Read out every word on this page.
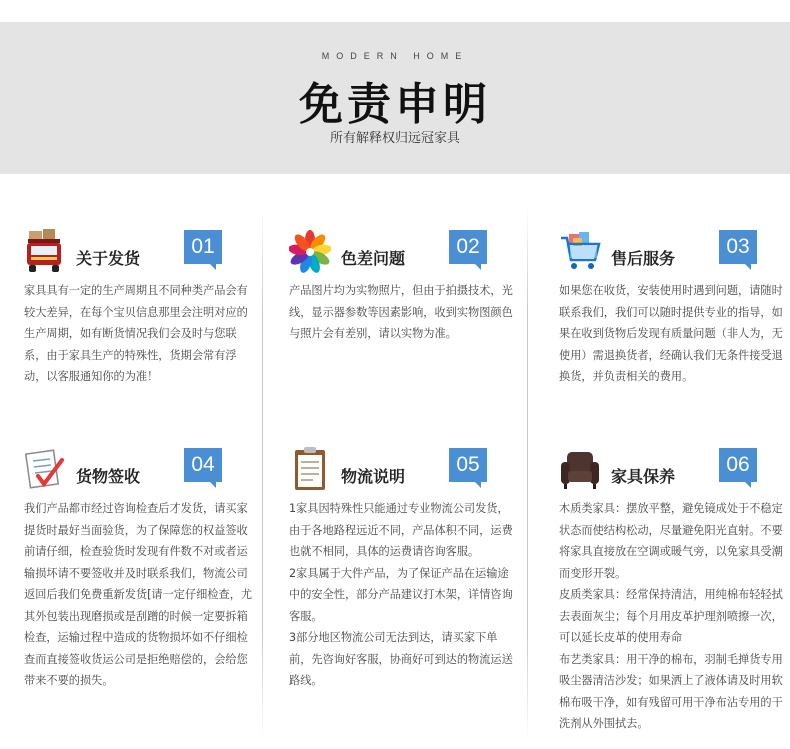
MODERN HOME
免责申明
所有解释权归远冠家具
关于发货
01

家具具有一定的生产周期且不同种类产品会有较大差异，在每个宝贝信息那里会注明对应的生产周期，如有断货情况我们会及时与您联系，由于家具生产的特殊性，货期会常有浮动，以客服通知你的为准！

色差问题
02

产品图片均为实物照片，但由于拍摄技术，光线，显示器参数等因素影响，收到实物图颜色与照片会有差别，请以实物为准。

售后服务
03

如果您在收货，安装使用时遇到问题，请随时联系我们，我们可以随时提供专业的指导，如果在收到货物后发现有质量问题（非人为，无使用）需退换货者，经确认我们无条件接受退换货，并负责相关的费用。

货物签收
04

我们产品都市经过咨询检查后才发货，请买家提货时最好当面验货，为了保障您的权益签收前请仔细，检查验货时发现有件数不对或者运输损坏请不要签收并及时联系我们，物流公司返回后我们免费重新发货[请一定仔细检查，尤其外包装出现磨损或是刮蹭的时候一定要拆箱检查，运输过程中造成的货物损坏如不仔细检查而直接签收货运公司是拒绝赔偿的，会给您带来不要的损失。

物流说明
05

1家具因特殊性只能通过专业物流公司发货，由于各地路程远近不同，产品体积不同，运费也就不相同，具体的运费请咨询客服。

2家具属于大件产品，为了保证产品在运输途中的安全性，部分产品建议打木架，详情咨询客服。

3部分地区物流公司无法到达，请买家下单前，先咨询好客服，协商好可到达的物流运送路线。

家具保养
06

木质类家具：摆放平整，避免镜成处于不稳定状态而使结构松动，尽量避免阳光直射。不要将家具直接放在空调或暖气旁，以免家具受潮而变形开裂。

皮质类家具：经常保持清洁，用纯棉布轻轻拭去表面灰尘；每个月用皮革护理剂喷擦一次，可以延长皮革的使用寿命

布艺类家具：用干净的棉布，羽制毛掸货专用吸尘器清洁沙发；如果洒上了液体请及时用软棉布吸干净，如有残留可用干净布沾专用的干洗剂从外围拭去。
